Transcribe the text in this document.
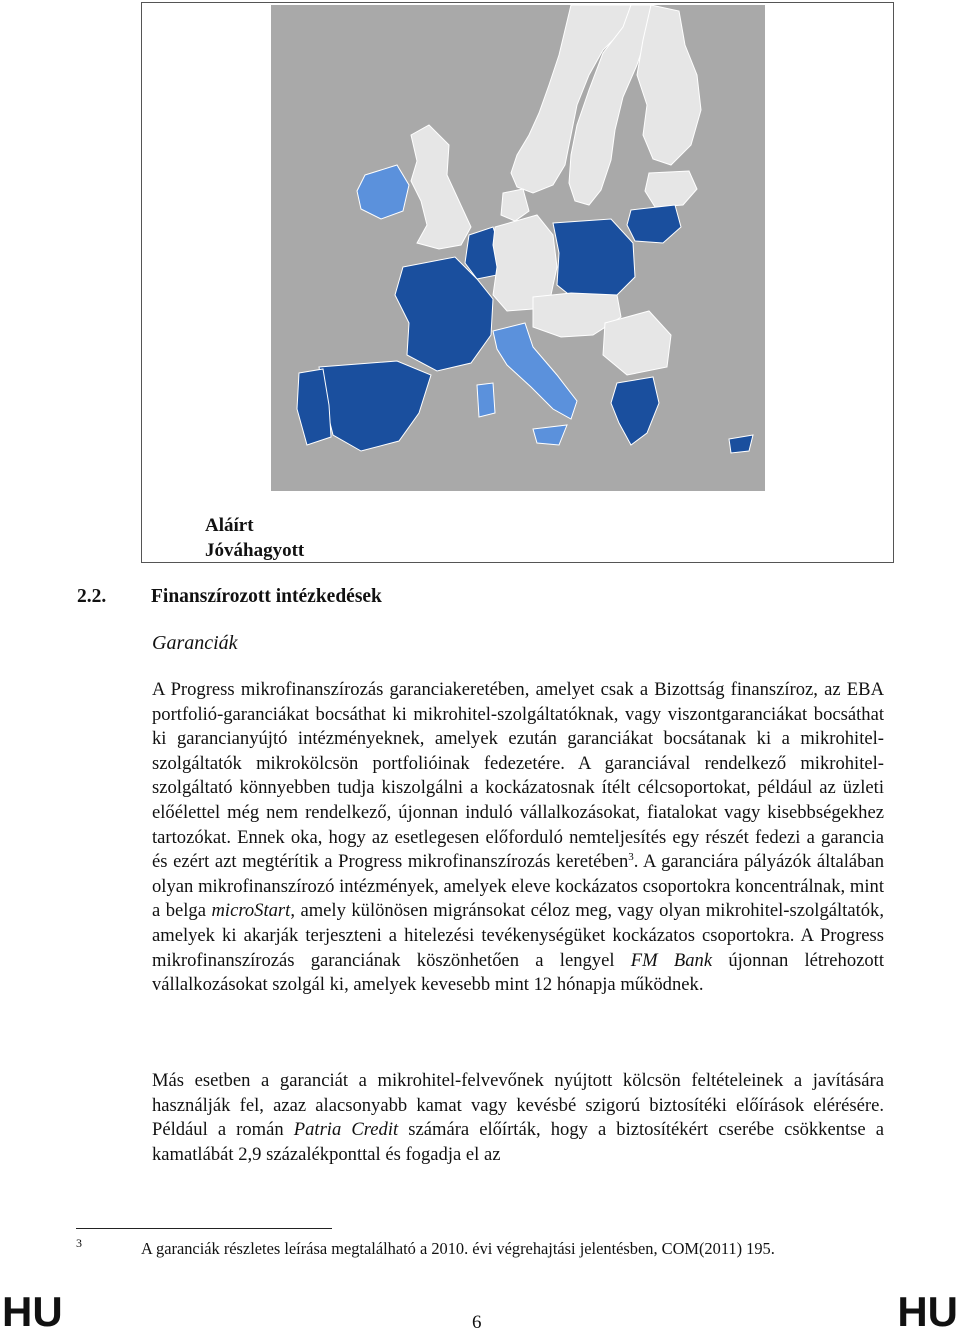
Aláírt
Jóváhagyott
2.2. Finanszírozott intézkedések
Garanciák

A Progress mikrofinanszírozás garanciakeretében, amelyet csak a Bizottság finanszíroz, az EBA portfolió-garanciákat bocsáthat ki mikrohitel-szolgáltatóknak, vagy viszontgaranciákat bocsáthat ki garancianyújtó intézményeknek, amelyek ezután garanciákat bocsátanak ki a mikrohitel-szolgáltatók mikrokölcsön portfolióinak fedezetére. A garanciával rendelkező mikrohitel-szolgáltató könnyebben tudja kiszolgálni a kockázatosnak ítélt célcsoportokat, például az üzleti előélettel még nem rendelkező, újonnan induló vállalkozásokat, fiatalokat vagy kisebbségekhez tartozókat. Ennek oka, hogy az esetlegesen előforduló nemteljesítés egy részét fedezi a garancia és ezért azt megtérítik a Progress mikrofinanszírozás keretében$^3$. A garanciára pályázók általában olyan mikrofinanszírozó intézmények, amelyek eleve kockázatos csoportokra koncentrálnak, mint a belga microStart, amely különösen migránsokat céloz meg, vagy olyan mikrohitel-szolgáltatók, amelyek ki akarják terjeszteni a hitelezési tevékenységüket kockázatos csoportokra. A Progress mikrofinanszírozás garanciának köszönhetően a lengyel FM Bank újonnan létrehozott vállalkozásokat szolgál ki, amelyek kevesebb mint 12 hónapja működnek.

Más esetben a garanciát a mikrohitel-felvevőnek nyújtott kölcsön feltételeinek a javítására használják fel, azaz alacsonyabb kamat vagy kevésbé szigorú biztosítéki előírások elérésére. Például a román Patria Credit számára előírták, hogy a biztosítékért cserébe csökkentse a kamatlábát 2,9 százalékponttal és fogadja el az

3	A garanciák részletes leírása megtalálható a 2010. évi végrehajtási jelentésben, COM(2011) 195.
HU	6	HU
